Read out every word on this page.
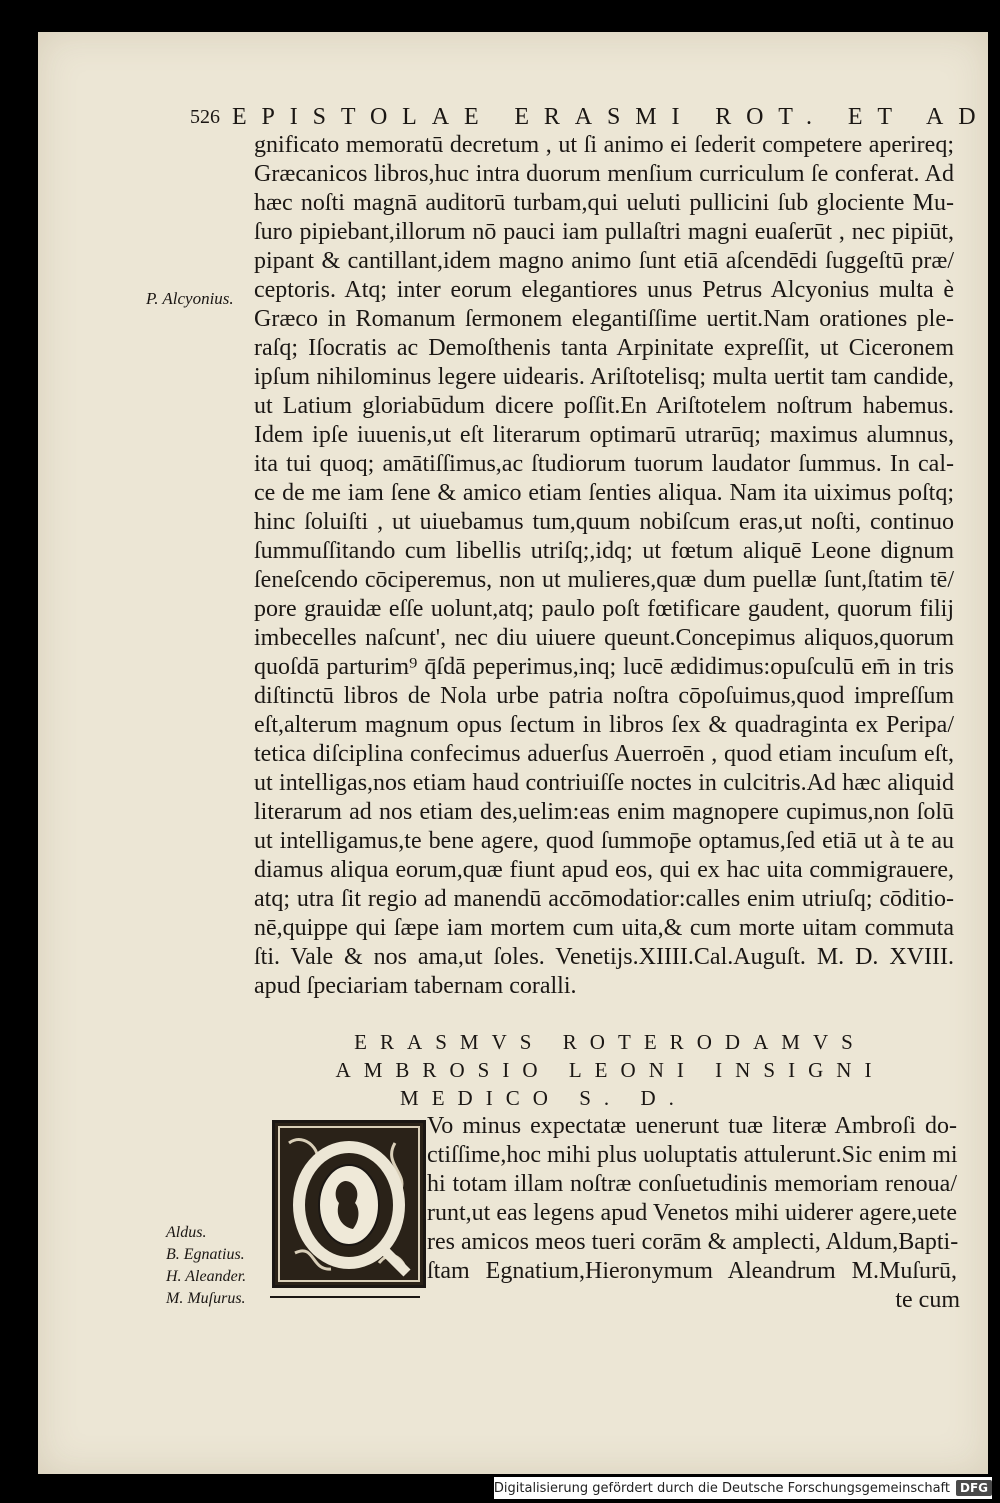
526 EPISTOLAE ERASMI ROT. ET AD

gnificato memoratū decretum , ut ſi animo ei ſederit competere aperireq;

Græcanicos libros,huc intra duorum menſium curriculum ſe conferat. Ad

hæc noſti magnā auditorū turbam,qui ueluti pullicini ſub glociente Mu-

ſuro pipiebant,illorum nō pauci iam pullaſtri magni euaſerūt , nec pipiūt,

pipant & cantillant,idem magno animo ſunt etiā aſcendēdi ſuggeſtū præ/

ceptoris. Atq; inter eorum elegantiores unus Petrus Alcyonius multa è

Græco in Romanum ſermonem elegantiſſime uertit.Nam orationes ple-

raſq; Iſocratis ac Demoſthenis tanta Arpinitate expreſſit, ut Ciceronem

ipſum nihilominus legere uidearis. Ariſtotelisq; multa uertit tam candide,

ut Latium gloriabūdum dicere poſſit.En Ariſtotelem noſtrum habemus.

Idem ipſe iuuenis,ut eſt literarum optimarū utrarūq; maximus alumnus,

ita tui quoq; amātiſſimus,ac ſtudiorum tuorum laudator ſummus. In cal-

ce de me iam ſene & amico etiam ſenties aliqua. Nam ita uiximus poſtq;

hinc ſoluiſti , ut uiuebamus tum,quum nobiſcum eras,ut noſti, continuo

ſummuſſitando cum libellis utriſq;,idq; ut fœtum aliquē Leone dignum

ſeneſcendo cōciperemus, non ut mulieres,quæ dum puellæ ſunt,ſtatim tē/

pore grauidæ eſſe uolunt,atq; paulo poſt fœtificare gaudent, quorum filij

imbecelles naſcunt', nec diu uiuere queunt.Concepimus aliquos,quorum

quoſdā parturim⁹ q̄ſdā peperimus,inq; lucē ædidimus:opuſculū em̄ in tris

diſtinctū libros de Nola urbe patria noſtra cōpoſuimus,quod impreſſum

eſt,alterum magnum opus ſectum in libros ſex & quadraginta ex Peripa/

tetica diſciplina confecimus aduerſus Auerroēn , quod etiam incuſum eſt,

ut intelligas,nos etiam haud contriuiſſe noctes in culcitris.Ad hæc aliquid

literarum ad nos etiam des,uelim:eas enim magnopere cupimus,non ſolū

ut intelligamus,te bene agere, quod ſummop̄e optamus,ſed etiā ut à te au

diamus aliqua eorum,quæ fiunt apud eos, qui ex hac uita commigrauere,

atq; utra ſit regio ad manendū accōmodatior:calles enim utriuſq; cōditio-

nē,quippe qui ſæpe iam mortem cum uita,& cum morte uitam commuta

ſti. Vale & nos ama,ut ſoles. Venetijs.XIIII.Cal.Auguſt. M. D. XVIII.

apud ſpeciariam tabernam coralli.

P. Alcyonius.
ERASMVS ROTERODAMVS
AMBROSIO LEONI INSIGNI
MEDICO S. D.

Vo minus expectatæ uenerunt tuæ literæ Ambroſi do-

ctiſſime,hoc mihi plus uoluptatis attulerunt.Sic enim mi

hi totam illam noſtræ conſuetudinis memoriam renoua/

runt,ut eas legens apud Venetos mihi uiderer agere,uete

res amicos meos tueri corām & amplecti, Aldum,Bapti-

ſtam Egnatium,Hieronymum Aleandrum M.Muſurū,

te cum

Aldus.
B. Egnatius.
H. Aleander.
M. Muſurus.
Digitalisierung gefördert durch die Deutsche Forschungsgemeinschaft DFG
